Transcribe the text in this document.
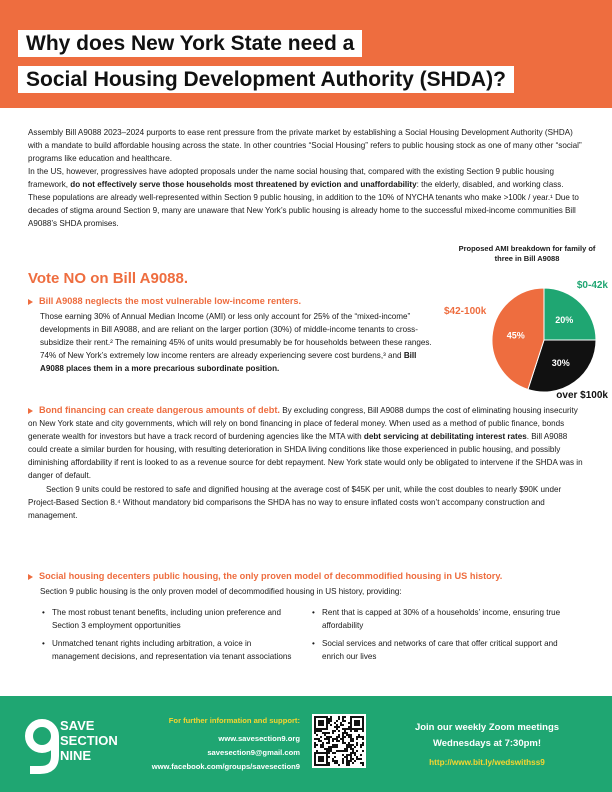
Why does New York State need a
Social Housing Development Authority (SHDA)?

Assembly Bill A9088 2023–2024 purports to ease rent pressure from the private market by establishing a Social Housing Development Authority (SHDA) with a mandate to build affordable housing across the state. In other countries “Social Housing” refers to public housing stock as one of many other “social” programs like education and healthcare.

In the US, however, progressives have adopted proposals under the name social housing that, compared with the existing Section 9 public housing framework, do not effectively serve those households most threatened by eviction and unaffordability: the elderly, disabled, and working class. These populations are already well-represented within Section 9 public housing, in addition to the 10% of NYCHA tenants who make >100k / year.¹ Due to decades of stigma around Section 9, many are unaware that New York’s public housing is already home to the successful mixed-income communities Bill A9088’s SHDA promises.

Proposed AMI breakdown for family of three in Bill A9088
20%
30%
45%
$0-42k
over $100k
$42-100k
Vote NO on Bill A9088.
Bill A9088 neglects the most vulnerable low-income renters.
Those earning 30% of Annual Median Income (AMI) or less only account for 25% of the “mixed-income” developments in Bill A9088, and are reliant on the larger portion (30%) of middle-income tenants to cross-subsidize their rent.² The remaining 45% of units would presumably be for households between these ranges. 74% of New York’s extremely low income renters are already experiencing severe cost burdens,³ and Bill A9088 places them in a more precarious subordinate position.
Bond financing can create dangerous amounts of debt. By excluding congress, Bill A9088 dumps the cost of eliminating housing insecurity on New York state and city governments, which will rely on bond financing in place of federal money. When used as a method of public finance, bonds generate wealth for investors but have a track record of burdening agencies like the MTA with debt servicing at debilitating interest rates. Bill A9088 could create a similar burden for housing, with resulting deterioration in SHDA living conditions like those experienced in public housing, and possibly diminishing affordability if rent is looked to as a revenue source for debt repayment. New York state would only be obligated to intervene if the SHDA was in danger of default.
Section 9 units could be restored to safe and dignified housing at the average cost of $45K per unit, while the cost doubles to nearly $90K under Project-Based Section 8.⁴ Without mandatory bid comparisons the SHDA has no way to ensure inflated costs won’t accompany construction and management.
Social housing decenters public housing, the only proven model of decommodified housing in US history.
Section 9 public housing is the only proven model of decommodified housing in US history, providing:
• The most robust tenant benefits, including union preference and Section 3 employment opportunities
• Unmatched tenant rights including arbitration, a voice in management decisions, and representation via tenant associations
• Rent that is capped at 30% of a households’ income, ensuring true affordability
• Social services and networks of care that offer critical support and enrich our lives
SAVE
SECTION
NINE
For further information and support:
www.savesection9.org
savesection9@gmail.com
www.facebook.com/groups/savesection9
Join our weekly Zoom meetings
Wednesdays at 7:30pm!
http://www.bit.ly/wedswithss9
